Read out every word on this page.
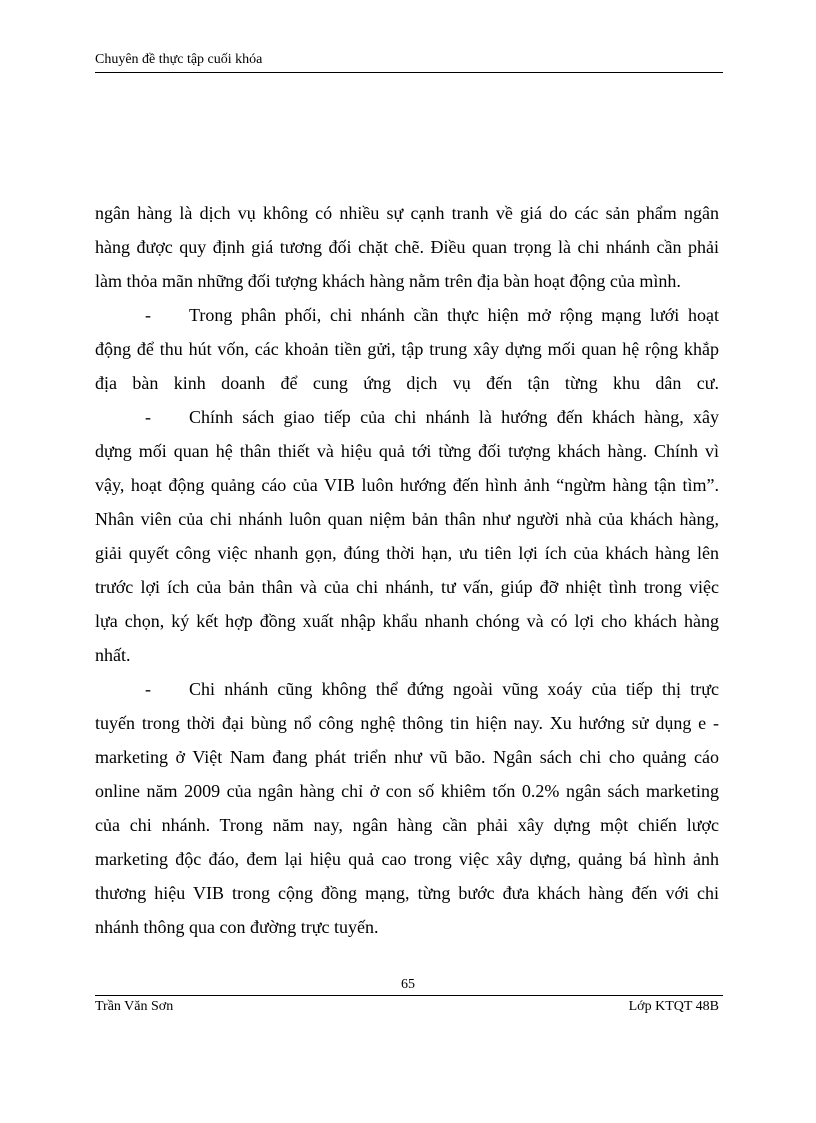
Chuyên đề thực tập cuối khóa
ngân hàng là dịch vụ không có nhiều sự cạnh tranh về giá do các sản phẩm ngân
hàng được quy định giá tương đối chặt chẽ. Điều quan trọng là chi nhánh cần phải
làm thỏa mãn những đối tượng khách hàng nằm trên địa bàn hoạt động của mình.
- Trong phân phối, chi nhánh cần thực hiện mở rộng mạng lưới hoạt
động để thu hút vốn, các khoản tiền gửi, tập trung xây dựng mối quan hệ rộng khắp
địa bàn kinh doanh để cung ứng dịch vụ đến tận từng khu dân cư.
- Chính sách giao tiếp của chi nhánh là hướng đến khách hàng, xây
dựng mối quan hệ thân thiết và hiệu quả tới từng đối tượng khách hàng. Chính vì
vậy, hoạt động quảng cáo của VIB luôn hướng đến hình ảnh “ngừm hàng tận tìm”.
Nhân viên của chi nhánh luôn quan niệm bản thân như người nhà của khách hàng,
giải quyết công việc nhanh gọn, đúng thời hạn, ưu tiên lợi ích của khách hàng lên
trước lợi ích của bản thân và của chi nhánh, tư vấn, giúp đỡ nhiệt tình trong việc
lựa chọn, ký kết hợp đồng xuất nhập khẩu nhanh chóng và có lợi cho khách hàng
nhất.
- Chi nhánh cũng không thể đứng ngoài vũng xoáy của tiếp thị trực
tuyến trong thời đại bùng nổ công nghệ thông tin hiện nay. Xu hướng sử dụng e -
marketing ở Việt Nam đang phát triển như vũ bão. Ngân sách chi cho quảng cáo
online năm 2009 của ngân hàng chỉ ở con số khiêm tốn 0.2% ngân sách marketing
của chi nhánh. Trong năm nay, ngân hàng cần phải xây dựng một chiến lược
marketing độc đáo, đem lại hiệu quả cao trong việc xây dựng, quảng bá hình ảnh
thương hiệu VIB trong cộng đồng mạng, từng bước đưa khách hàng đến với chi
nhánh thông qua con đường trực tuyến.
65
Trần Văn Sơn	Lớp KTQT 48B
